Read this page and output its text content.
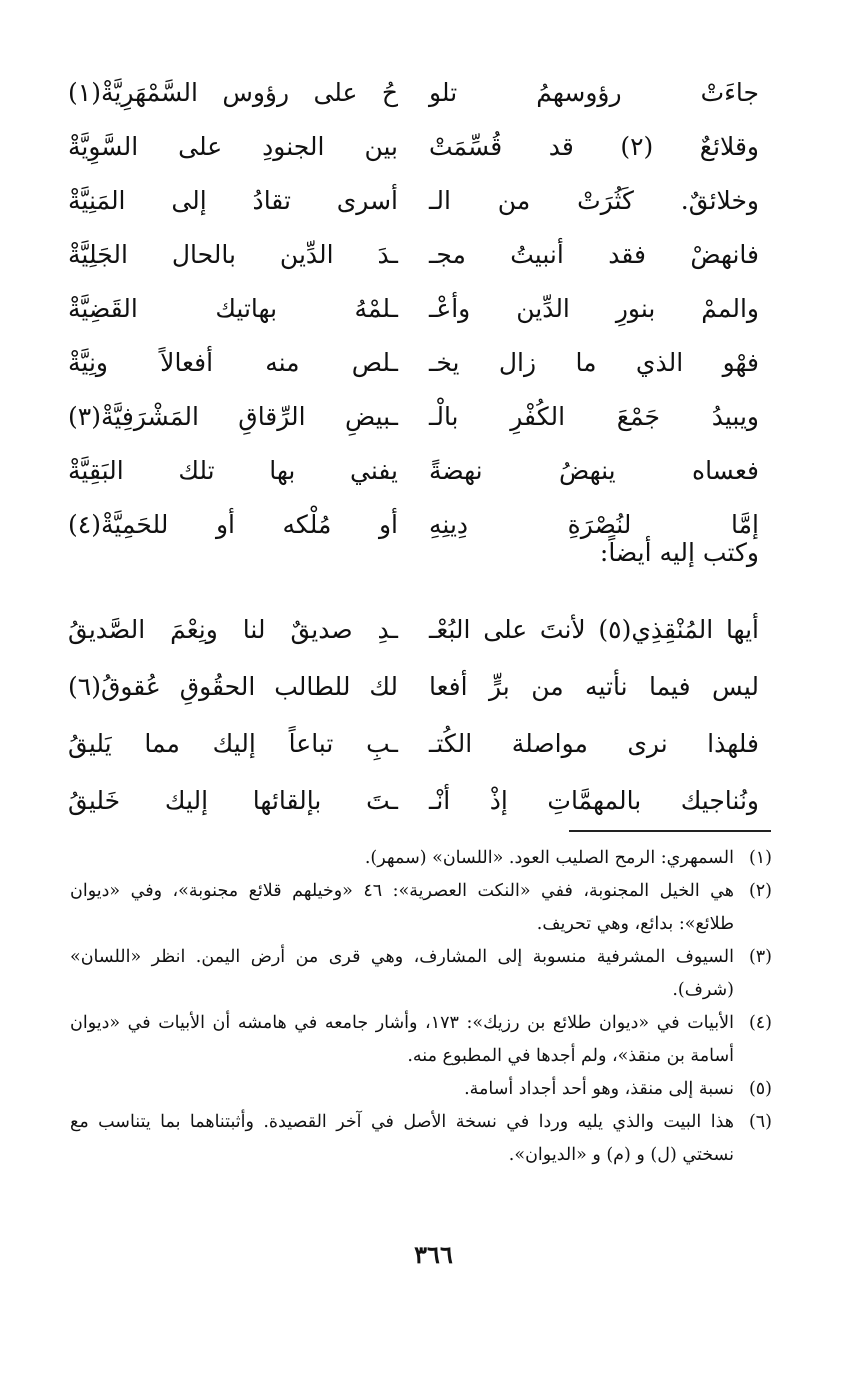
جاءَتْ رؤوسهمُ تلو
حُ على رؤوس السَّمْهَرِيَّةْ(١)
وقلائعٌ (٢) قد قُسِّمَتْ
بين الجنودِ على السَّوِيَّةْ
وخلائقٌ. كَثُرَتْ من الـ
أسرى تقادُ إلى المَنِيَّةْ
فانهضْ فقد أنبيتُ مجـ
ـدَ الدِّين بالحال الجَلِيَّةْ
والممْ بنورِ الدِّين وأعْـ
ـلمْهُ بهاتيك القَضِيَّةْ
فهْو الذي ما زال يخـ
ـلص منه أفعالاً ونِيَّةْ
ويبيدُ جَمْعَ الكُفْرِ بالْـ
ـبيضِ الرِّقاقِ المَشْرَفِيَّةْ(٣)
فعساه ينهضُ نهضةً
يفني بها تلك البَقِيَّةْ
إمَّا لنُصْرَةِ دِينِهِ
أو مُلْكه أو للحَمِيَّةْ(٤)
وكتب إليه أيضاً:
أيها المُنْقِذِي(٥) لأنتَ على البُعْـ
ـدِ صديقٌ لنا ونِعْمَ الصَّديقُ
ليس فيما نأتيه من برٍّ أفعا
لك للطالب الحقُوقِ عُقوقُ(٦)
فلهذا نرى مواصلة الكُتـ
ـبِ تباعاً إليك مما يَليقُ
ونُناجيك بالمهمَّاتِ إذْ أنْـ
ـتَ بإلقائها إليك خَليقُ
(١)
السمهري: الرمح الصليب العود. «اللسان» (سمهر).
(٢)
هي الخيل المجنوبة، ففي «النكت العصرية»: ٤٦ «وخيلهم قلائع مجنوبة»، وفي «ديوان طلائع»: بدائع، وهي تحريف.
(٣)
السيوف المشرفية منسوبة إلى المشارف، وهي قرى من أرض اليمن. انظر «اللسان» (شرف).
(٤)
الأبيات في «ديوان طلائع بن رزيك»: ١٧٣، وأشار جامعه في هامشه أن الأبيات في «ديوان أسامة بن منقذ»، ولم أجدها في المطبوع منه.
(٥)
نسبة إلى منقذ، وهو أحد أجداد أسامة.
(٦)
هذا البيت والذي يليه وردا في نسخة الأصل في آخر القصيدة. وأثبتناهما بما يتناسب مع نسختي (ل) و (م) و «الديوان».
٣٦٦
